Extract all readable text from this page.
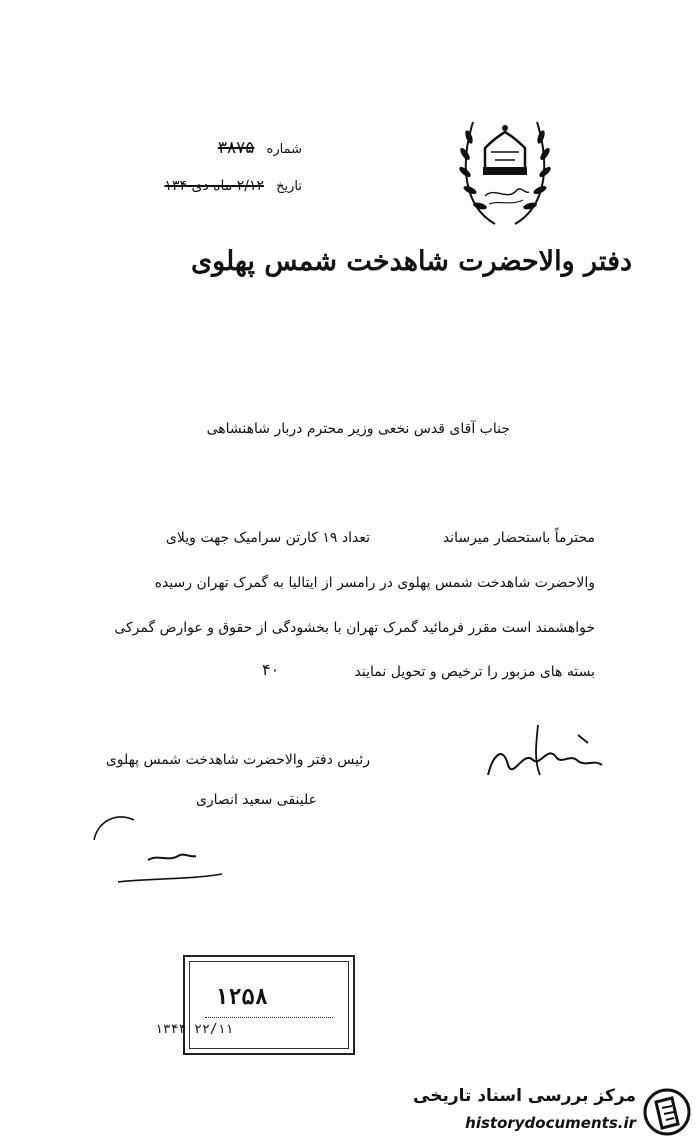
دفتر والاحضرت شاهدخت شمس پهلوی
شماره ۳۸۷۵
تاریخ ۲/۱۲ ماه دی ۱۳۴
جناب آقای قدس نخعی وزیر محترم دربار شاهنشاهی
محترماً باستحضار میرساند
تعداد ۱۹ کارتن سرامیک جهت ویلای
والاحضرت شاهدخت شمس پهلوی در رامسر از ایتالیا به گمرک تهران رسیده
خواهشمند است مقرر فرمائید گمرک تهران با بخشودگی از حقوق و عوارض گمرکی
بسته های مزبور را ترخیص و تحویل نمایند
۴۰
رئیس دفتر والاحضرت شاهدخت شمس پهلوی
علینقی سعید انصاری
۱۲۵۸
۱۳۴۴ ۲۲/۱۱
مرکز بررسی اسناد تاریخی
historydocuments.ir
